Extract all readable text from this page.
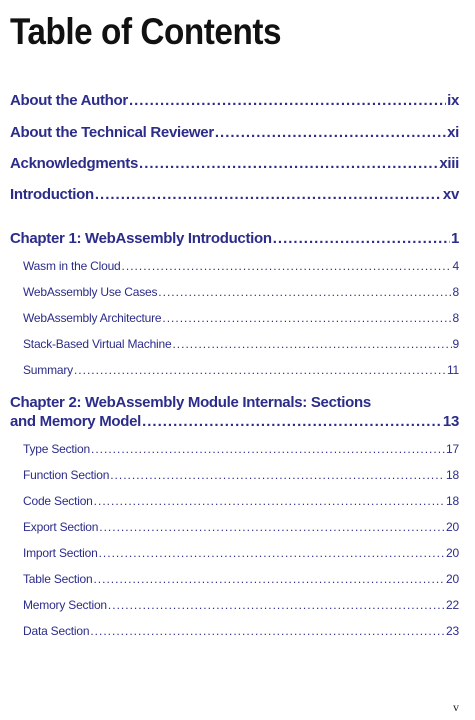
Table of Contents
About the Author .....	ix
About the Technical Reviewer .....	xi
Acknowledgments .....	xiii
Introduction .....	xv
Chapter 1: WebAssembly Introduction .....	1
Wasm in the Cloud .....	4
WebAssembly Use Cases .....	8
WebAssembly Architecture .....	8
Stack-Based Virtual Machine .....	9
Summary .....	11
Chapter 2: WebAssembly Module Internals: Sections
and Memory Model .....	13
Type Section .....	17
Function Section .....	18
Code Section .....	18
Export Section .....	20
Import Section .....	20
Table Section .....	20
Memory Section .....	22
Data Section .....	23
v
